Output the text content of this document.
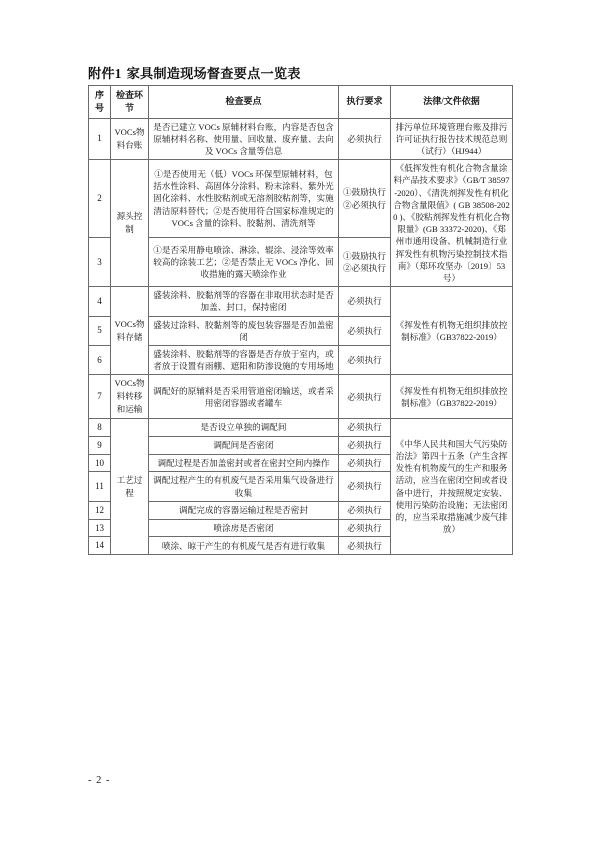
附件1 家具制造现场督查要点一览表
序号	检查环节	检查要点	执行要求	法律/文件依据
1	VOCs物料台账	是否已建立 VOCs 原辅材料台账，内容是否包含原辅材料名称、使用量、回收量、废弃量、去向及 VOCs 含量等信息	必须执行	排污单位环境管理台账及排污许可证执行报告技术规范总则（试行）（HJ944）
2	源头控制	①是否使用无（低）VOCs 环保型原辅材料，包括水性涂料、高固体分涂料、粉末涂料、紫外光固化涂料、水性胶粘剂或无溶剂胶粘剂等，实施清洁原料替代；②是否使用符合国家标准规定的 VOCs 含量的涂料、胶黏剂、清洗剂等	①鼓励执行②必须执行	《低挥发性有机化合物含量涂料产品技术要求》（GB/T 38597-2020）、《清洗剂挥发性有机化合物含量限值》( GB 38508-2020 )、《胶粘剂挥发性有机化合物限量》(GB 33372-2020)、《郑州市通用设备、机械制造行业挥发性有机物污染控制技术指南》（郑环攻坚办〔2019〕53 号）
3		①是否采用静电喷涂、淋涂、辊涂、浸涂等效率较高的涂装工艺；②是否禁止无 VOCs 净化、回收措施的露天喷涂作业	①鼓励执行②必须执行	
4	VOCs物料存储	盛装涂料、胶黏剂等的容器在非取用状态时是否加盖、封口，保持密闭	必须执行	《挥发性有机物无组织排放控制标准》（GB37822-2019）
5		盛装过涂料、胶黏剂等的废包装容器是否加盖密闭	必须执行	
6		盛装涂料、胶黏剂等的容器是否存放于室内，或者放于设置有雨棚、遮阳和防渗设施的专用场地	必须执行	
7	VOCs物料转移和运输	调配好的原辅料是否采用管道密闭输送，或者采用密闭容器或者罐车	必须执行	《挥发性有机物无组织排放控制标准》（GB37822-2019）
8	工艺过程	是否设立单独的调配间	必须执行	《中华人民共和国大气污染防治法》第四十五条（产生含挥发性有机物废气的生产和服务活动，应当在密闭空间或者设备中进行，并按照规定安装、使用污染防治设施；无法密闭的，应当采取措施减少废气排放）
9		调配间是否密闭	必须执行	
10		调配过程是否加盖密封或者在密封空间内操作	必须执行	
11		调配过程产生的有机废气是否采用集气设备进行收集	必须执行	
12		调配完成的容器运输过程是否密封	必须执行	
13		喷涂房是否密闭	必须执行	
14		喷涂、晾干产生的有机废气是否有进行收集	必须执行	
- 2 -
